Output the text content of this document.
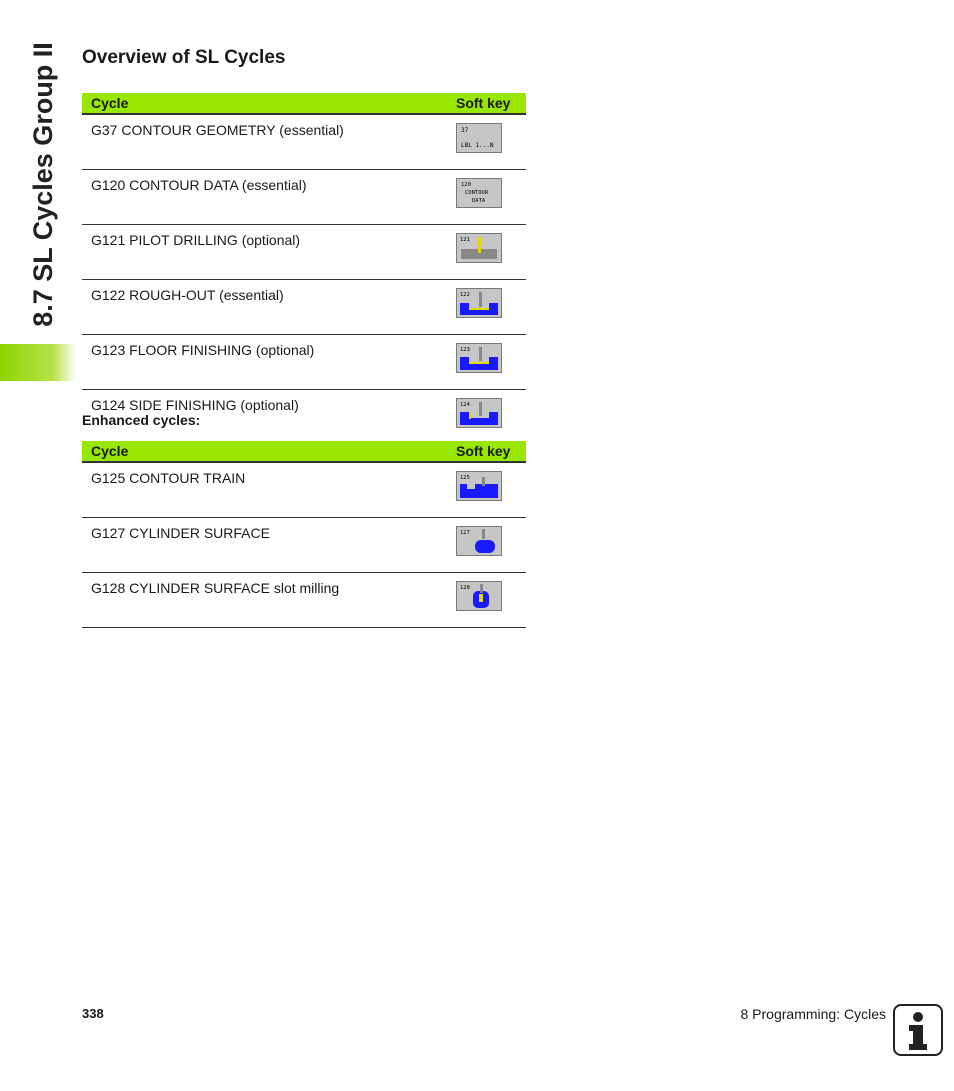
8.7 SL Cycles Group II Overview of SL Cycles
Cycle	Soft key
G37 CONTOUR GEOMETRY (essential)	37
LBL 1...N

G120 CONTOUR DATA (essential)	120
CONTOUR
DATA

G121 PILOT DRILLING (optional)	121

G122 ROUGH-OUT (essential)	122

G123 FLOOR FINISHING (optional)	123

G124 SIDE FINISHING (optional)	124

Enhanced cycles:

Cycle	Soft key
G125 CONTOUR TRAIN	125

G127 CYLINDER SURFACE	127

G128 CYLINDER SURFACE slot milling	128
338	8 Programming: Cycles
